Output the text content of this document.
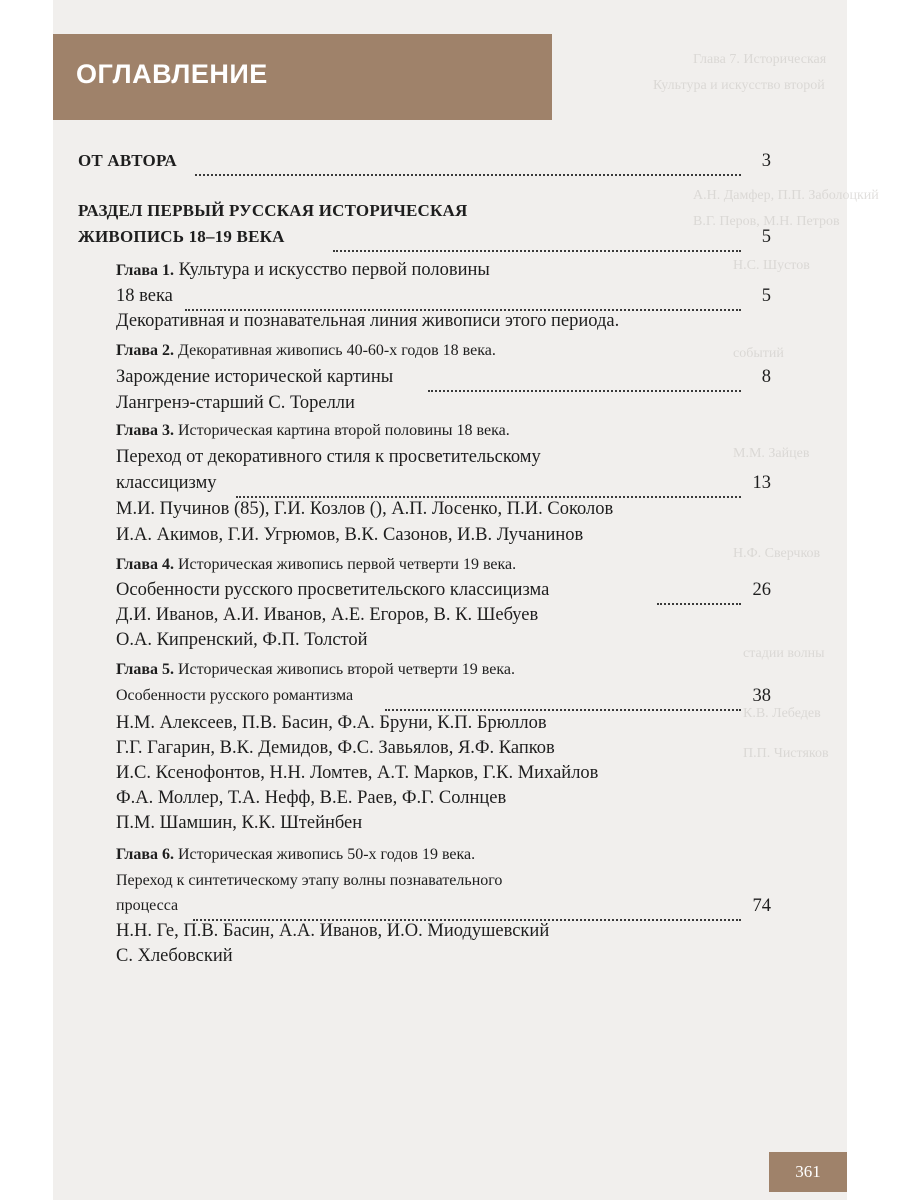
Глава 7. Историческая
Культура и искусство второй
А.Н. Дамфер, П.П. Заболоцкий
В.Г. Перов, М.Н. Петров
Н.С. Шустов
событий
М.М. Зайцев
Н.Ф. Сверчков
стадии волны
К.В. Лебедев
П.П. Чистяков
ОГЛАВЛЕНИЕ
ОТ АВТОРА	3
РАЗДЕЛ ПЕРВЫЙ РУССКАЯ ИСТОРИЧЕСКАЯ
ЖИВОПИСЬ 18–19 ВЕКА	5
Глава 1. Культура и искусство первой половины
18 века	5
Декоративная и познавательная линия живописи этого периода.
Глава 2. Декоративная живопись 40-60-х годов 18 века.
Зарождение исторической картины	8
Лангренэ-старший С. Торелли
Глава 3. Историческая картина второй половины 18 века.
Переход от декоративного стиля к просветительскому
классицизму	13
М.И. Пучинов (85), Г.И. Козлов (), А.П. Лосенко, П.И. Соколов
И.А. Акимов, Г.И. Угрюмов, В.К. Сазонов, И.В. Лучанинов
Глава 4. Историческая живопись первой четверти 19 века.
Особенности русского просветительского классицизма	26
Д.И. Иванов, А.И. Иванов, А.Е. Егоров, В. К. Шебуев
О.А. Кипренский, Ф.П. Толстой
Глава 5. Историческая живопись второй четверти 19 века.
Особенности русского романтизма	38
Н.М. Алексеев, П.В. Басин, Ф.А. Бруни, К.П. Брюллов
Г.Г. Гагарин, В.К. Демидов, Ф.С. Завьялов, Я.Ф. Капков
И.С. Ксенофонтов, Н.Н. Ломтев, А.Т. Марков, Г.К. Михайлов
Ф.А. Моллер, Т.А. Нефф, В.Е. Раев, Ф.Г. Солнцев
П.М. Шамшин, К.К. Штейнбен
Глава 6. Историческая живопись 50-х годов 19 века.
Переход к синтетическому этапу волны познавательного
процесса	74
Н.Н. Ге, П.В. Басин, А.А. Иванов, И.О. Миодушевский
С. Хлебовский
361
